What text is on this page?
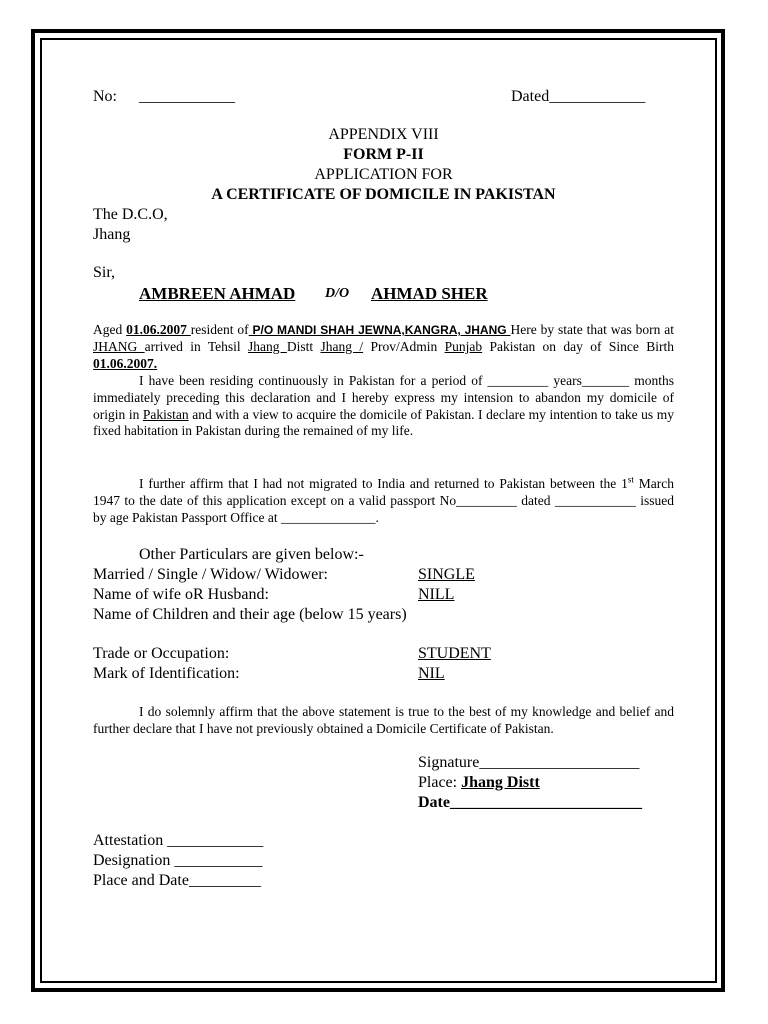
No: ____________	Dated____________
APPENDIX VIII
FORM P-II
APPLICATION FOR
A CERTIFICATE OF DOMICILE IN PAKISTAN
The D.C.O,
Jhang
Sir,
AMBREEN AHMAD D/O AHMAD SHER
Aged 01.06.2007 resident of P/O MANDI SHAH JEWNA,KANGRA, JHANG Here by state that was born at JHANG arrived in Tehsil Jhang Distt Jhang / Prov/Admin Punjab Pakistan on day of Since Birth 01.06.2007.
I have been residing continuously in Pakistan for a period of _________ years_______ months immediately preceding this declaration and I hereby express my intension to abandon my domicile of origin in Pakistan and with a view to acquire the domicile of Pakistan. I declare my intention to take us my fixed habitation in Pakistan during the remained of my life.
I further affirm that I had not migrated to India and returned to Pakistan between the 1st March 1947 to the date of this application except on a valid passport No_________ dated ____________ issued by age Pakistan Passport Office at ______________.
Other Particulars are given below:-
Married / Single / Widow/ Widower:	SINGLE
Name of wife oR Husband:	NILL
Name of Children and their age (below 15 years)
Trade or Occupation:	STUDENT
Mark of Identification:	NIL
I do solemnly affirm that the above statement is true to the best of my knowledge and belief and further declare that I have not previously obtained a Domicile Certificate of Pakistan.
Signature____________________
Place: Jhang Distt
Date________________________
Attestation ____________
Designation ___________
Place and Date_________
